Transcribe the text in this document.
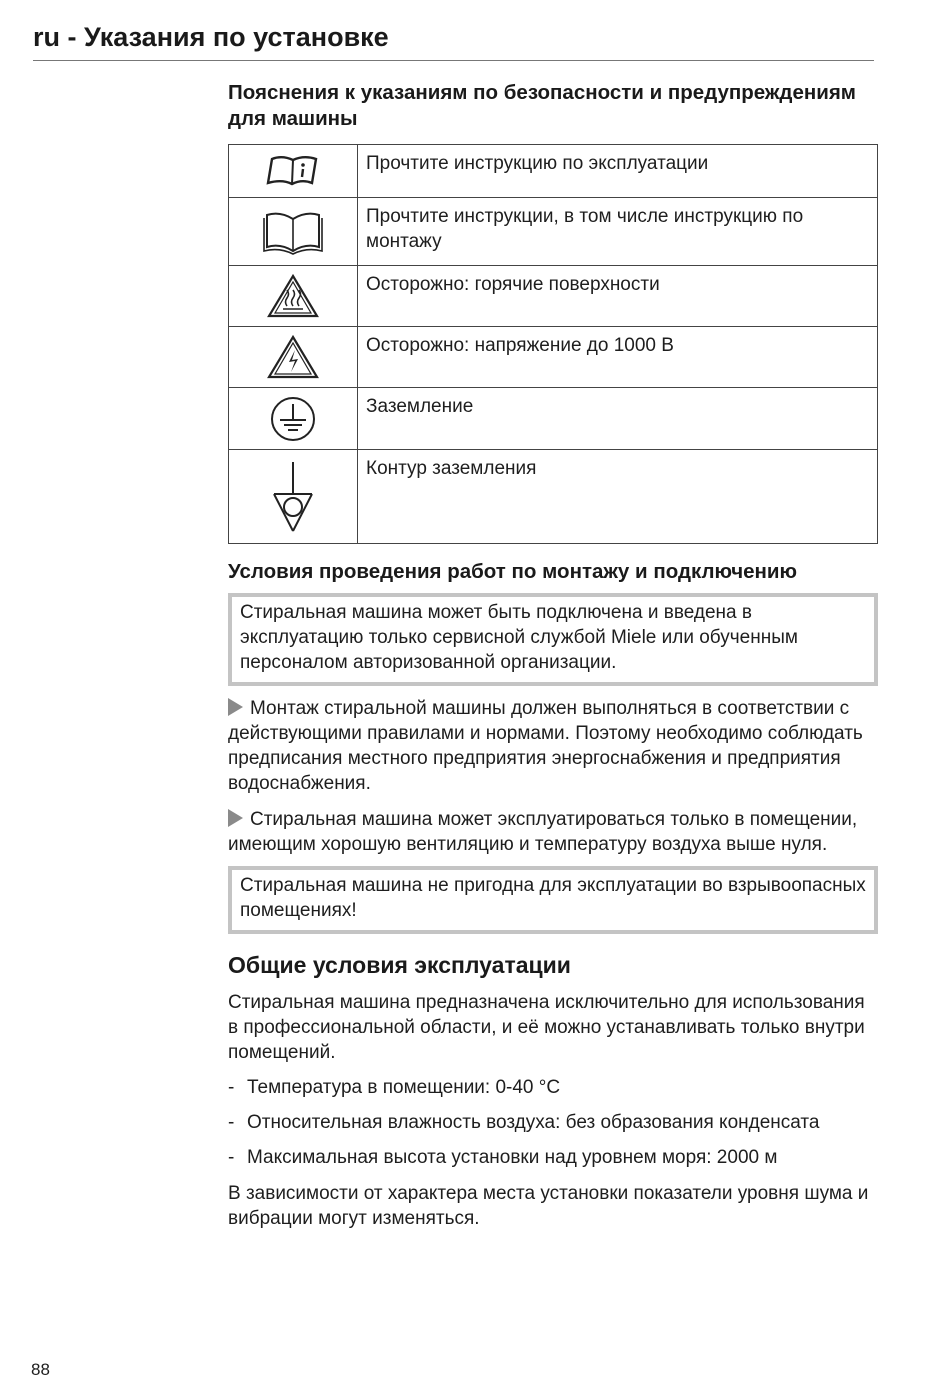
ru - Указания по установке
Пояснения к указаниям по безопасности и предупреждениям для машины
	Прочтите инструкцию по эксплуатации

	Прочтите инструкции, в том числе инструкцию по монтажу

	Осторожно: горячие поверхности

	Осторожно: напряжение до 1000 В

	Заземление

	Контур заземления
Условия проведения работ по монтажу и подключению
Стиральная машина может быть подключена и введена в эксплуатацию только сервисной службой Miele или обученным персоналом авторизованной организации.

Монтаж стиральной машины должен выполняться в соответствии с действующими правилами и нормами. Поэтому необходимо соблюдать предписания местного предприятия энергоснабжения и предприятия водоснабжения.

Стиральная машина может эксплуатироваться только в помещении, имеющим хорошую вентиляцию и температуру воздуха выше нуля.

Стиральная машина не пригодна для эксплуатации во взрывоопасных помещениях!
Общие условия эксплуатации

Стиральная машина предназначена исключительно для использования в профессиональной области, и её можно устанавливать только внутри помещений.

- Температура в помещении: 0-40 °C
- Относительная влажность воздуха: без образования конденсата
- Максимальная высота установки над уровнем моря: 2000 м

В зависимости от характера места установки показатели уровня шума и вибрации могут изменяться.

88
